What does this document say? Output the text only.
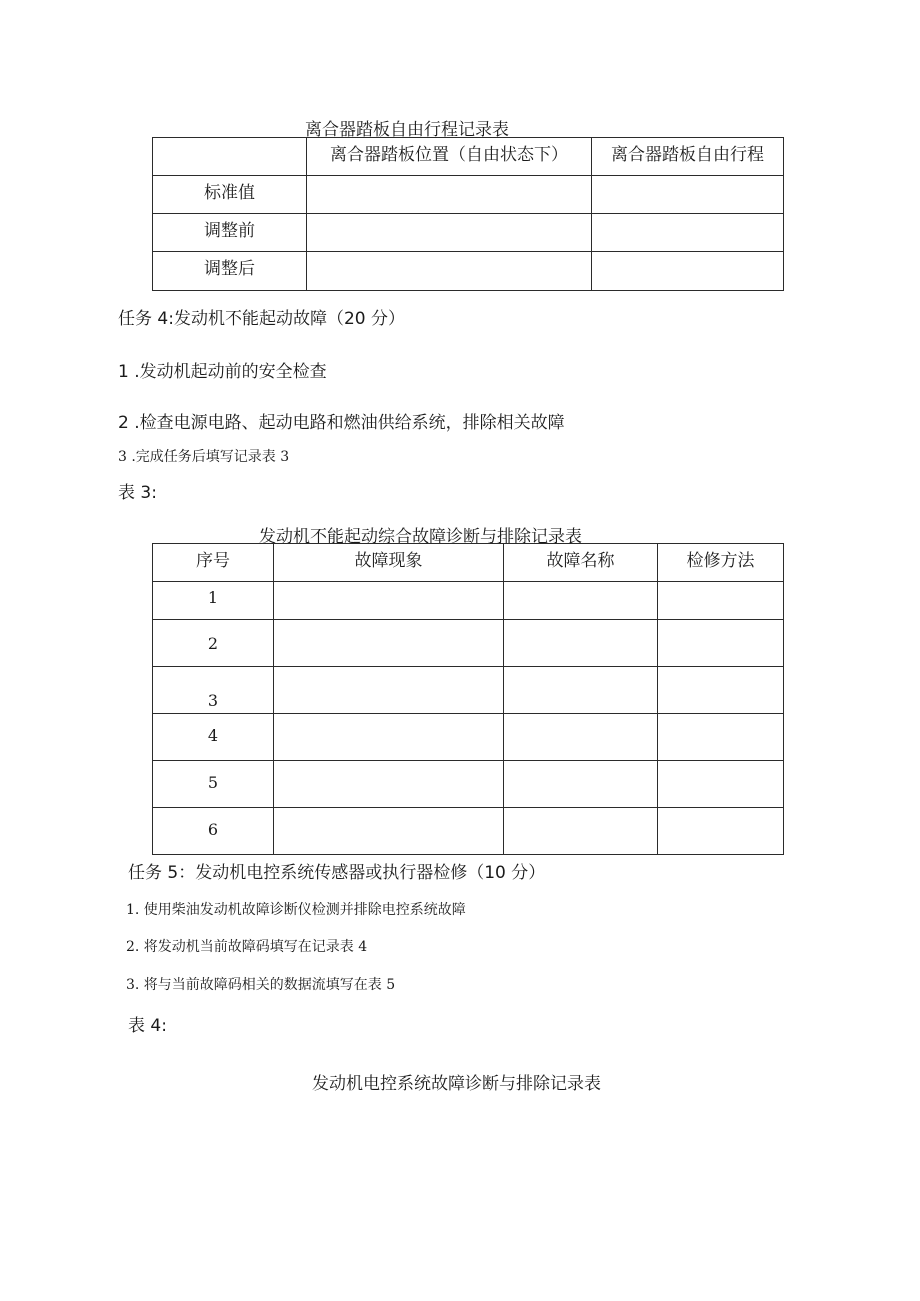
离合器踏板自由行程记录表

	离合器踏板位置（自由状态下）	离合器踏板自由行程

标准值		

调整前		

调整后		

任务 4:发动机不能起动故障（20 分）
1 .发动机起动前的安全检查
2 .检查电源电路、起动电路和燃油供给系统，排除相关故障
3 .完成任务后填写记录表 3
表 3:
发动机不能起动综合故障诊断与排除记录表
序号	故障现象	故障名称	检修方法

1			

2			

3			

4			

5			

6			

任务 5：发动机电控系统传感器或执行器检修（10 分）
1. 使用柴油发动机故障诊断仪检测并排除电控系统故障
2. 将发动机当前故障码填写在记录表 4
3. 将与当前故障码相关的数据流填写在表 5
表 4:
发动机电控系统故障诊断与排除记录表
